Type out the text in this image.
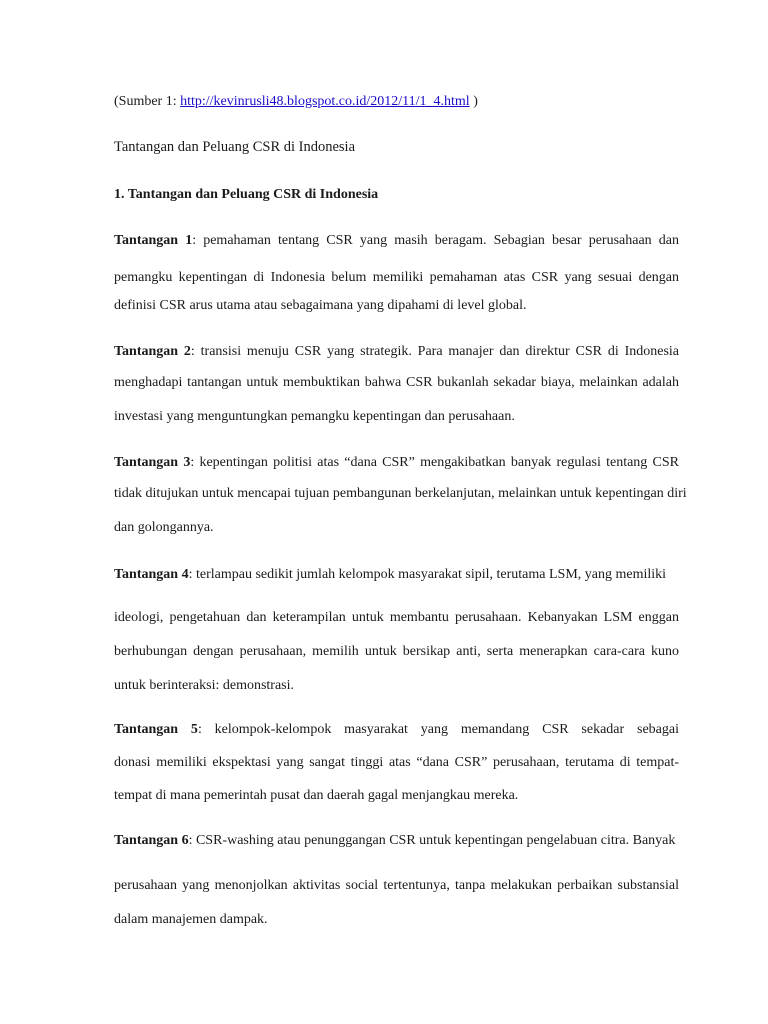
(Sumber 1: http://kevinrusli48.blogspot.co.id/2012/11/1_4.html )
Tantangan dan Peluang CSR di Indonesia
1. Tantangan dan Peluang CSR di Indonesia
Tantangan 1: pemahaman tentang CSR yang masih beragam. Sebagian besar perusahaan dan
pemangku kepentingan di Indonesia belum memiliki pemahaman atas CSR yang sesuai dengan
definisi CSR arus utama atau sebagaimana yang dipahami di level global.
Tantangan 2: transisi menuju CSR yang strategik. Para manajer dan direktur CSR di Indonesia
menghadapi tantangan untuk membuktikan bahwa CSR bukanlah sekadar biaya, melainkan adalah
investasi yang menguntungkan pemangku kepentingan dan perusahaan.
Tantangan 3: kepentingan politisi atas “dana CSR” mengakibatkan banyak regulasi tentang CSR
tidak ditujukan untuk mencapai tujuan pembangunan berkelanjutan, melainkan untuk kepentingan diri
dan golongannya.
Tantangan 4: terlampau sedikit jumlah kelompok masyarakat sipil, terutama LSM, yang memiliki
ideologi, pengetahuan dan keterampilan untuk membantu perusahaan. Kebanyakan LSM enggan
berhubungan dengan perusahaan, memilih untuk bersikap anti, serta menerapkan cara-cara kuno
untuk berinteraksi: demonstrasi.
Tantangan 5: kelompok-kelompok masyarakat yang memandang CSR sekadar sebagai
donasi memiliki ekspektasi yang sangat tinggi atas “dana CSR” perusahaan, terutama di tempat-
tempat di mana pemerintah pusat dan daerah gagal menjangkau mereka.
Tantangan 6: CSR-washing atau penunggangan CSR untuk kepentingan pengelabuan citra. Banyak
perusahaan yang menonjolkan aktivitas social tertentunya, tanpa melakukan perbaikan substansial
dalam manajemen dampak.
